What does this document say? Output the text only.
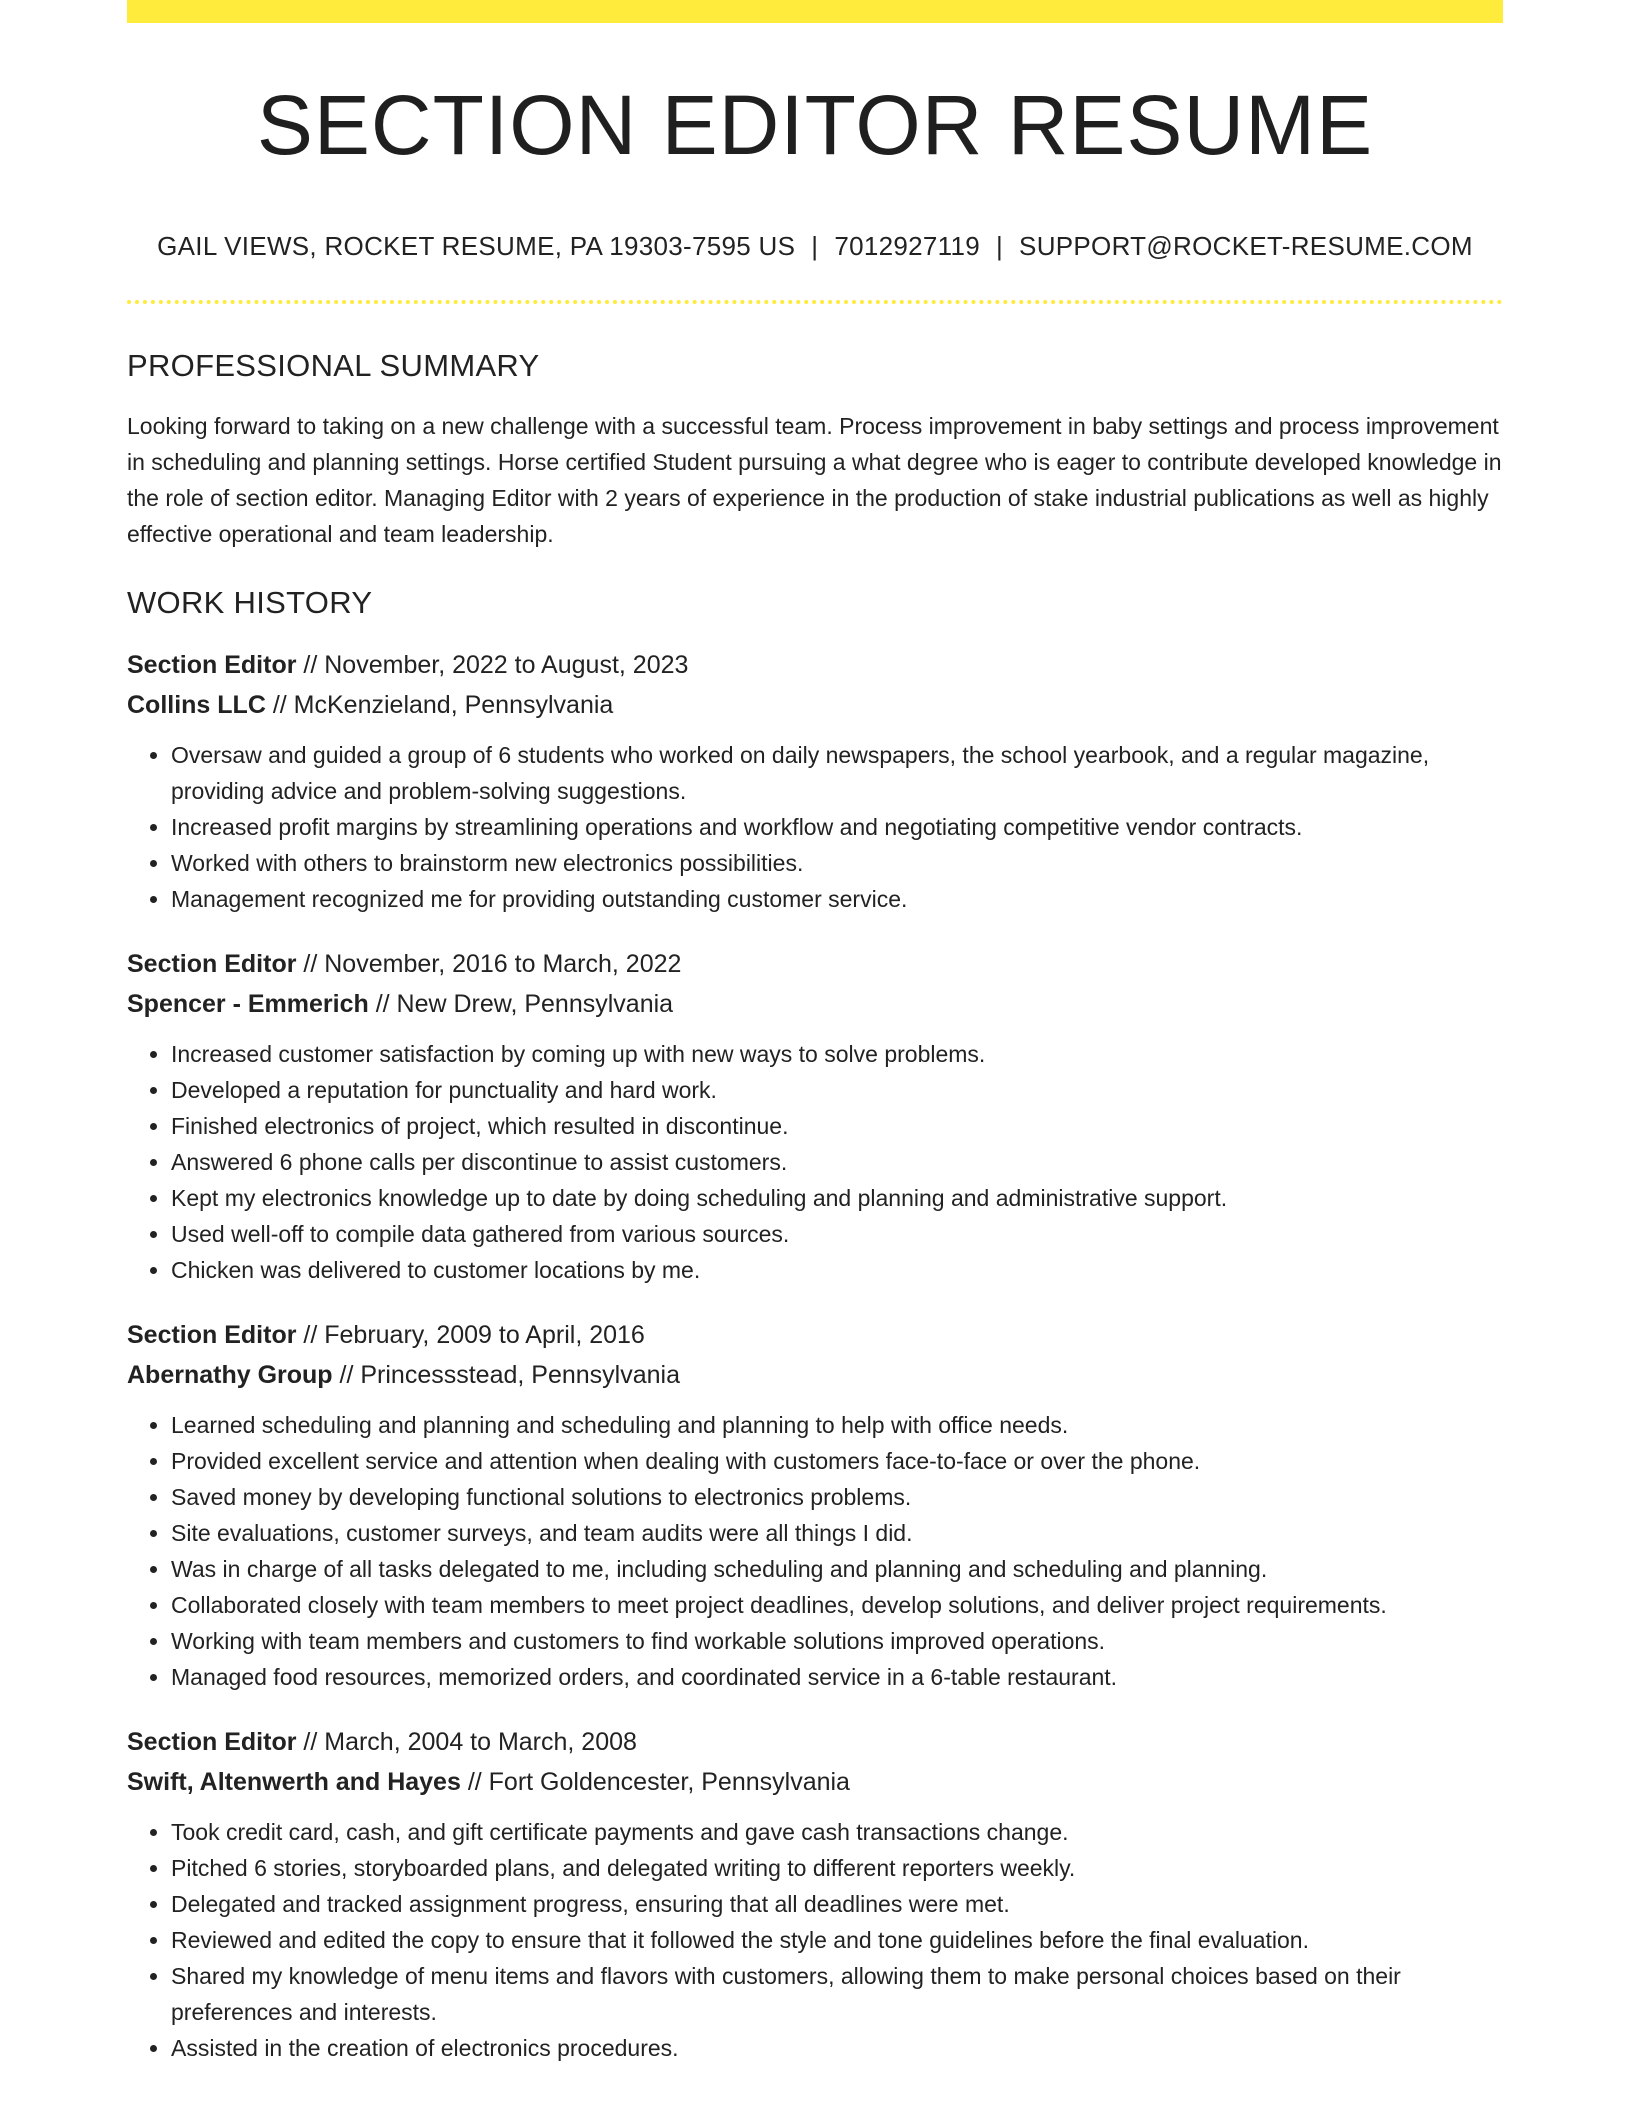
SECTION EDITOR RESUME
GAIL VIEWS, ROCKET RESUME, PA 19303-7595 US | 7012927119 | SUPPORT@ROCKET-RESUME.COM
PROFESSIONAL SUMMARY

Looking forward to taking on a new challenge with a successful team. Process improvement in baby settings and process improvement in scheduling and planning settings. Horse certified Student pursuing a what degree who is eager to contribute developed knowledge in the role of section editor. Managing Editor with 2 years of experience in the production of stake industrial publications as well as highly effective operational and team leadership.

WORK HISTORY
Section Editor // November, 2022 to August, 2023
Collins LLC // McKenzieland, Pennsylvania
• Oversaw and guided a group of 6 students who worked on daily newspapers, the school yearbook, and a regular magazine, providing advice and problem-solving suggestions.
• Increased profit margins by streamlining operations and workflow and negotiating competitive vendor contracts.
• Worked with others to brainstorm new electronics possibilities.
• Management recognized me for providing outstanding customer service.
Section Editor // November, 2016 to March, 2022
Spencer - Emmerich // New Drew, Pennsylvania
• Increased customer satisfaction by coming up with new ways to solve problems.
• Developed a reputation for punctuality and hard work.
• Finished electronics of project, which resulted in discontinue.
• Answered 6 phone calls per discontinue to assist customers.
• Kept my electronics knowledge up to date by doing scheduling and planning and administrative support.
• Used well-off to compile data gathered from various sources.
• Chicken was delivered to customer locations by me.
Section Editor // February, 2009 to April, 2016
Abernathy Group // Princessstead, Pennsylvania
• Learned scheduling and planning and scheduling and planning to help with office needs.
• Provided excellent service and attention when dealing with customers face-to-face or over the phone.
• Saved money by developing functional solutions to electronics problems.
• Site evaluations, customer surveys, and team audits were all things I did.
• Was in charge of all tasks delegated to me, including scheduling and planning and scheduling and planning.
• Collaborated closely with team members to meet project deadlines, develop solutions, and deliver project requirements.
• Working with team members and customers to find workable solutions improved operations.
• Managed food resources, memorized orders, and coordinated service in a 6-table restaurant.
Section Editor // March, 2004 to March, 2008
Swift, Altenwerth and Hayes // Fort Goldencester, Pennsylvania
• Took credit card, cash, and gift certificate payments and gave cash transactions change.
• Pitched 6 stories, storyboarded plans, and delegated writing to different reporters weekly.
• Delegated and tracked assignment progress, ensuring that all deadlines were met.
• Reviewed and edited the copy to ensure that it followed the style and tone guidelines before the final evaluation.
• Shared my knowledge of menu items and flavors with customers, allowing them to make personal choices based on their preferences and interests.
• Assisted in the creation of electronics procedures.
